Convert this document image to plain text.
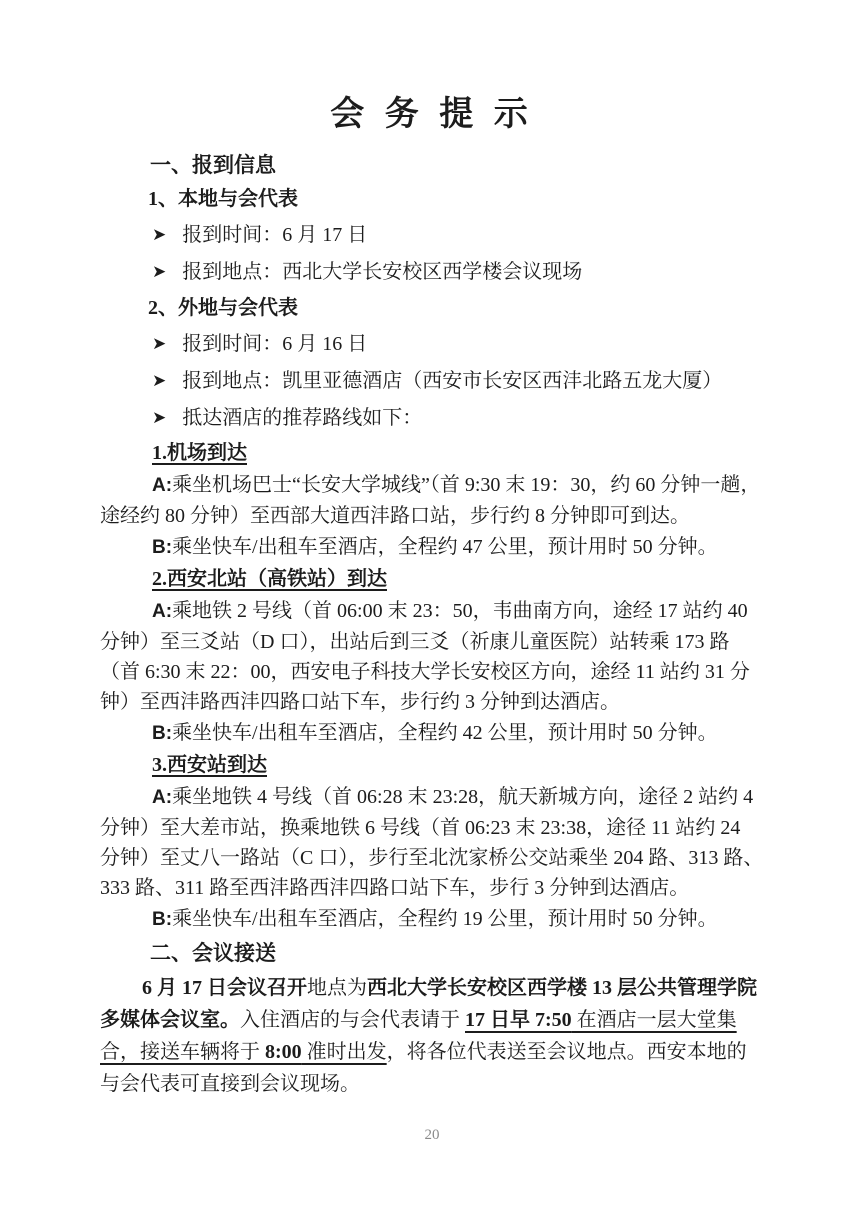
会 务 提 示

一、报到信息

1、本地与会代表

➤ 报到时间：6 月 17 日
➤ 报到地点：西北大学长安校区西学楼会议现场

2、外地与会代表

➤ 报到时间：6 月 16 日
➤ 报到地点：凯里亚德酒店（西安市长安区西沣北路五龙大厦）
➤ 抵达酒店的推荐路线如下：

1.机场到达

A:乘坐机场巴士“长安大学城线”（首 9:30 末 19：30，约 60 分钟一趟，途经约 80 分钟）至西部大道西沣路口站，步行约 8 分钟即可到达。

B:乘坐快车/出租车至酒店，全程约 47 公里，预计用时 50 分钟。

2.西安北站（高铁站）到达

A:乘地铁 2 号线（首 06:00 末 23：50，韦曲南方向，途经 17 站约 40 分钟）至三爻站（D 口），出站后到三爻（祈康儿童医院）站转乘 173 路（首 6:30 末 22：00，西安电子科技大学长安校区方向，途经 11 站约 31 分钟）至西沣路西沣四路口站下车，步行约 3 分钟到达酒店。

B:乘坐快车/出租车至酒店，全程约 42 公里，预计用时 50 分钟。

3.西安站到达

A:乘坐地铁 4 号线（首 06:28 末 23:28，航天新城方向，途径 2 站约 4 分钟）至大差市站，换乘地铁 6 号线（首 06:23 末 23:38，途径 11 站约 24 分钟）至丈八一路站（C 口），步行至北沈家桥公交站乘坐 204 路、313 路、333 路、311 路至西沣路西沣四路口站下车，步行 3 分钟到达酒店。

B:乘坐快车/出租车至酒店，全程约 19 公里，预计用时 50 分钟。

二、会议接送

6 月 17 日会议召开地点为西北大学长安校区西学楼 13 层公共管理学院多媒体会议室。入住酒店的与会代表请于 17 日早 7:50 在酒店一层大堂集合，接送车辆将于 8:00 准时出发，将各位代表送至会议地点。西安本地的与会代表可直接到会议现场。

20
